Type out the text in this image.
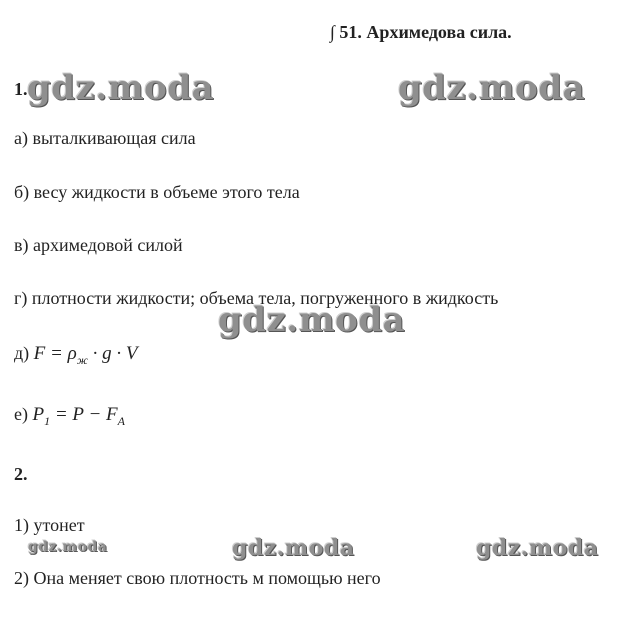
∫ 51. Архимедова сила.
1.
а) выталкивающая сила
б) весу жидкости в объеме этого тела
в) архимедовой силой
г) плотности жидкости; объема тела, погруженного в жидкость
д) $F = \rho_ж \cdot g \cdot V$
е) $P_1 = P - F_A$
2.
1) утонет
2) Она меняет свою плотность м помощью него
gdz.moda	gdz.moda
gdz.moda
gdz.moda	gdz.moda	gdz.moda
